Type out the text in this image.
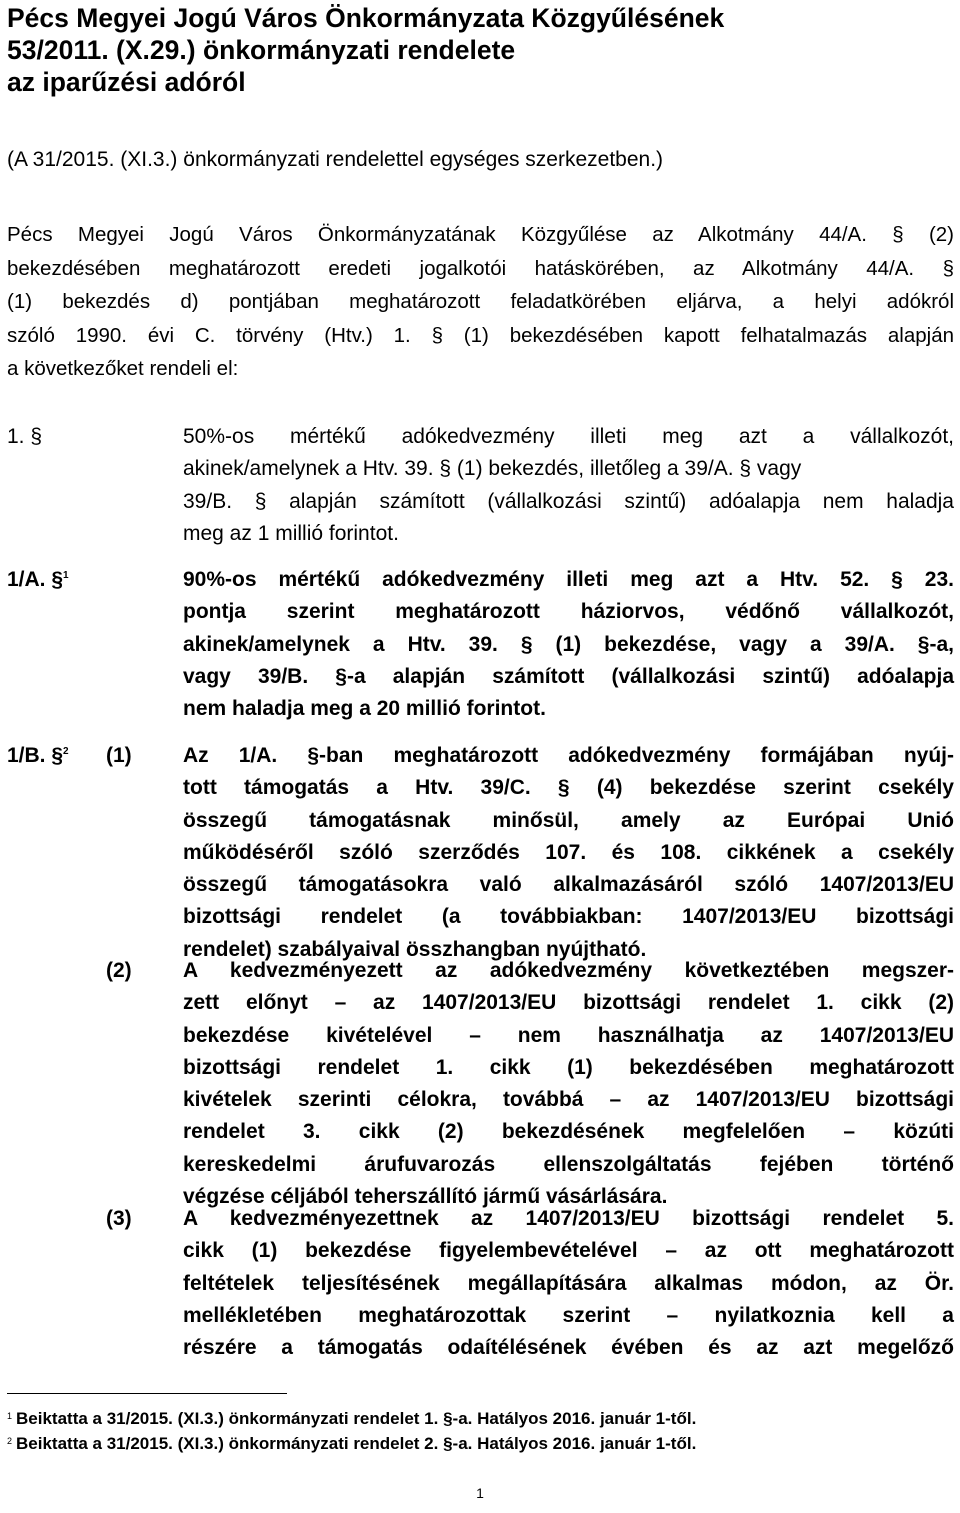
Pécs Megyei Jogú Város Önkormányzata Közgyűlésének
53/2011. (X.29.) önkormányzati rendelete
az iparűzési adóról
(A 31/2015. (XI.3.) önkormányzati rendelettel egységes szerkezetben.)
Pécs Megyei Jogú Város Önkormányzatának Közgyűlése az Alkotmány 44/A. § (2)
bekezdésében meghatározott eredeti jogalkotói hatáskörében, az Alkotmány 44/A. §
(1) bekezdés d) pontjában meghatározott feladatkörében eljárva, a helyi adókról
szóló 1990. évi C. törvény (Htv.) 1. § (1) bekezdésében kapott felhatalmazás alapján
a következőket rendeli el:
1. §	50%-os mértékű adókedvezmény illeti meg azt a vállalkozót,
akinek/amelynek a Htv. 39. § (1) bekezdés, illetőleg a 39/A. § vagy
39/B. § alapján számított (vállalkozási szintű) adóalapja nem haladja
meg az 1 millió forintot.
1/A. §$^1$	90%-os mértékű adókedvezmény illeti meg azt a Htv. 52. § 23.
pontja szerint meghatározott háziorvos, védőnő vállalkozót,
akinek/amelynek a Htv. 39. § (1) bekezdése, vagy a 39/A. §-a,
vagy 39/B. §-a alapján számított (vállalkozási szintű) adóalapja
nem haladja meg a 20 millió forintot.
1/B. §$^2$ (1) Az 1/A. §-ban meghatározott adókedvezmény formájában nyúj-
tott támogatás a Htv. 39/C. § (4) bekezdése szerint csekély
összegű támogatásnak minősül, amely az Európai Unió
működéséről szóló szerződés 107. és 108. cikkének a csekély
összegű támogatásokra való alkalmazásáról szóló 1407/2013/EU
bizottsági rendelet (a továbbiakban: 1407/2013/EU bizottsági
rendelet) szabályaival összhangban nyújtható.
(2) A kedvezményezett az adókedvezmény következtében megszer-
zett előnyt – az 1407/2013/EU bizottsági rendelet 1. cikk (2)
bekezdése kivételével – nem használhatja az 1407/2013/EU
bizottsági rendelet 1. cikk (1) bekezdésében meghatározott
kivételek szerinti célokra, továbbá – az 1407/2013/EU bizottsági
rendelet 3. cikk (2) bekezdésének megfelelően – közúti
kereskedelmi árufuvarozás ellenszolgáltatás fejében történő
végzése céljából teherszállító jármű vásárlására.
(3) A kedvezményezettnek az 1407/2013/EU bizottsági rendelet 5.
cikk (1) bekezdése figyelembevételével – az ott meghatározott
feltételek teljesítésének megállapítására alkalmas módon, az Ör.
mellékletében meghatározottak szerint – nyilatkoznia kell a
részére a támogatás odaítélésének évében és az azt megelőző
$^1$ Beiktatta a 31/2015. (XI.3.) önkormányzati rendelet 1. §-a. Hatályos 2016. január 1-től.
$^2$ Beiktatta a 31/2015. (XI.3.) önkormányzati rendelet 2. §-a. Hatályos 2016. január 1-től.
1
